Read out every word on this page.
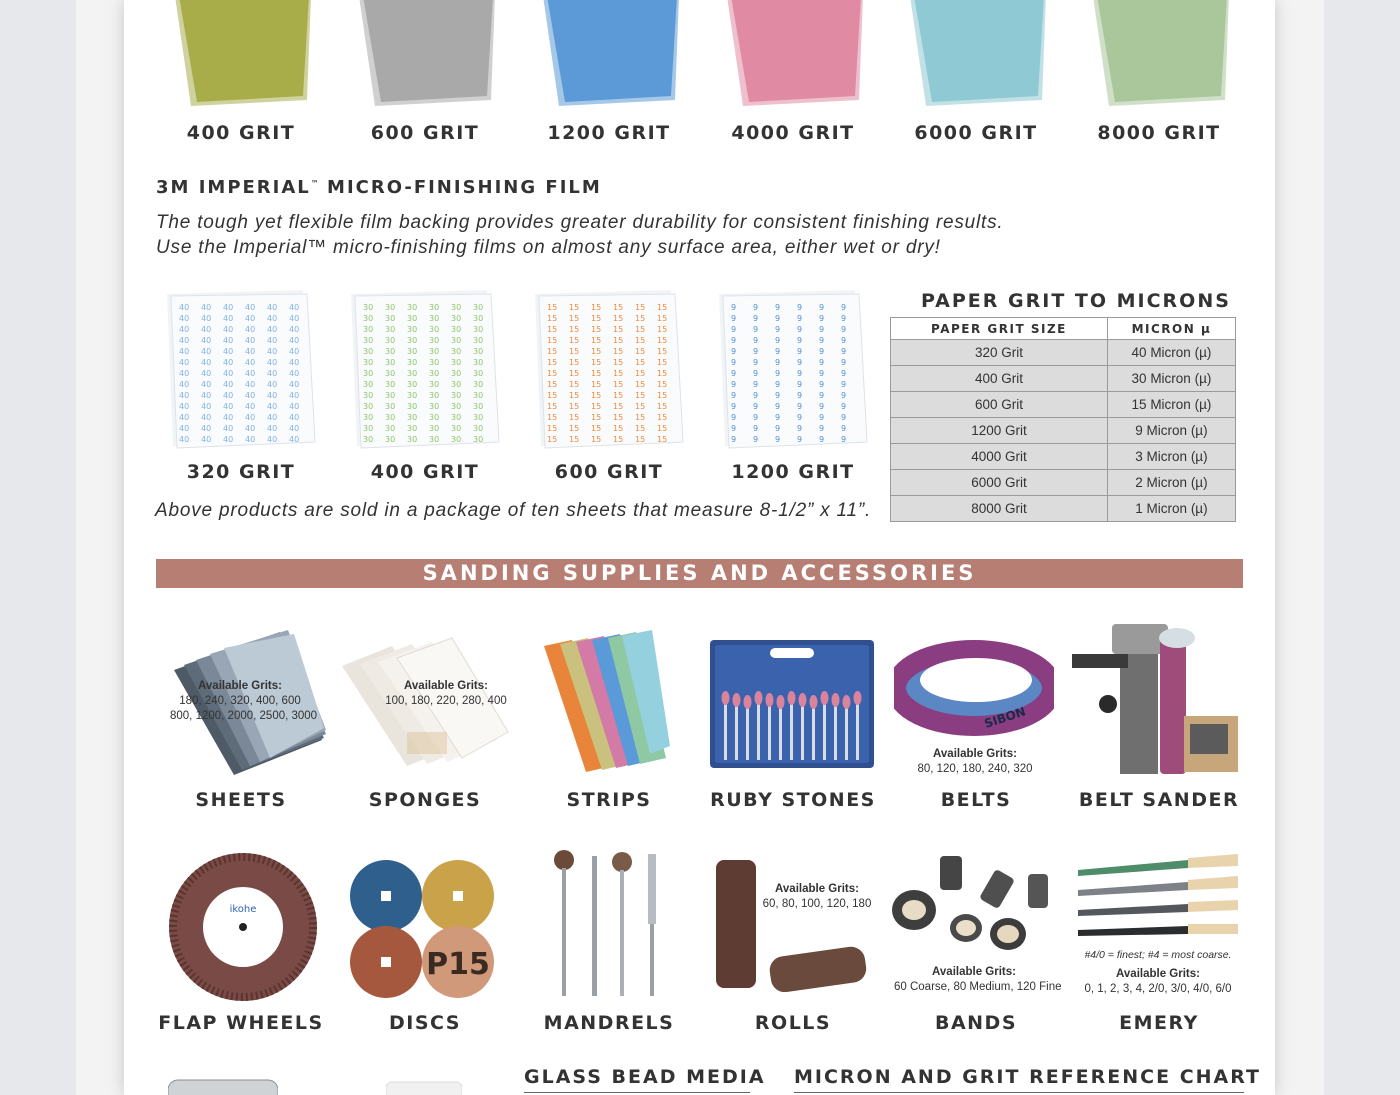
400 GRIT	600 GRIT	1200 GRIT	4000 GRIT	6000 GRIT	8000 GRIT
3M IMPERIAL™ MICRO-FINISHING FILM
The tough yet flexible film backing provides greater durability for consistent finishing results.
Use the Imperial™ micro-finishing films on almost any surface area, either wet or dry!
40 40 40 40 40 40
40 40 40 40 40 40
40 40 40 40 40 40
40 40 40 40 40 40
40 40 40 40 40 40
40 40 40 40 40 40
40 40 40 40 40 40
40 40 40 40 40 40
40 40 40 40 40 40
40 40 40 40 40 40
40 40 40 40 40 40
40 40 40 40 40 40
40 40 40 40 40 40
320 GRIT
30 30 30 30 30 30
30 30 30 30 30 30
30 30 30 30 30 30
30 30 30 30 30 30
30 30 30 30 30 30
30 30 30 30 30 30
30 30 30 30 30 30
30 30 30 30 30 30
30 30 30 30 30 30
30 30 30 30 30 30
30 30 30 30 30 30
30 30 30 30 30 30
30 30 30 30 30 30
400 GRIT
15 15 15 15 15 15
15 15 15 15 15 15
15 15 15 15 15 15
15 15 15 15 15 15
15 15 15 15 15 15
15 15 15 15 15 15
15 15 15 15 15 15
15 15 15 15 15 15
15 15 15 15 15 15
15 15 15 15 15 15
15 15 15 15 15 15
15 15 15 15 15 15
15 15 15 15 15 15
600 GRIT
9 9 9 9 9 9
9 9 9 9 9 9
9 9 9 9 9 9
9 9 9 9 9 9
9 9 9 9 9 9
9 9 9 9 9 9
9 9 9 9 9 9
9 9 9 9 9 9
9 9 9 9 9 9
9 9 9 9 9 9
9 9 9 9 9 9
9 9 9 9 9 9
9 9 9 9 9 9
1200 GRIT
Above products are sold in a package of ten sheets that measure 8-1/2” x 11”.
PAPER GRIT TO MICRONS
PAPER GRIT SIZE	MICRON µ
320 Grit	40 Micron (µ)
400 Grit	30 Micron (µ)
600 Grit	15 Micron (µ)
1200 Grit	9 Micron (µ)
4000 Grit	3 Micron (µ)
6000 Grit	2 Micron (µ)
8000 Grit	1 Micron (µ)
SANDING SUPPLIES AND ACCESSORIES
Available Grits:
180, 240, 320, 400, 600
800, 1200, 2000, 2500, 3000
Available Grits:
100, 180, 220, 280, 400
SIBON
Available Grits:
80, 120, 180, 240, 320
SHEETS	SPONGES	STRIPS	RUBY STONES	BELTS	BELT SANDER
ikohe
P15
Available Grits:
60, 80, 100, 120, 180
Available Grits:
60 Coarse, 80 Medium, 120 Fine
#4/0 = finest; #4 = most coarse.
Available Grits:
0, 1, 2, 3, 4, 2/0, 3/0, 4/0, 6/0
FLAP WHEELS	DISCS	MANDRELS	ROLLS	BANDS	EMERY
GLASS BEAD MEDIA MICRON AND GRIT REFERENCE CHART
